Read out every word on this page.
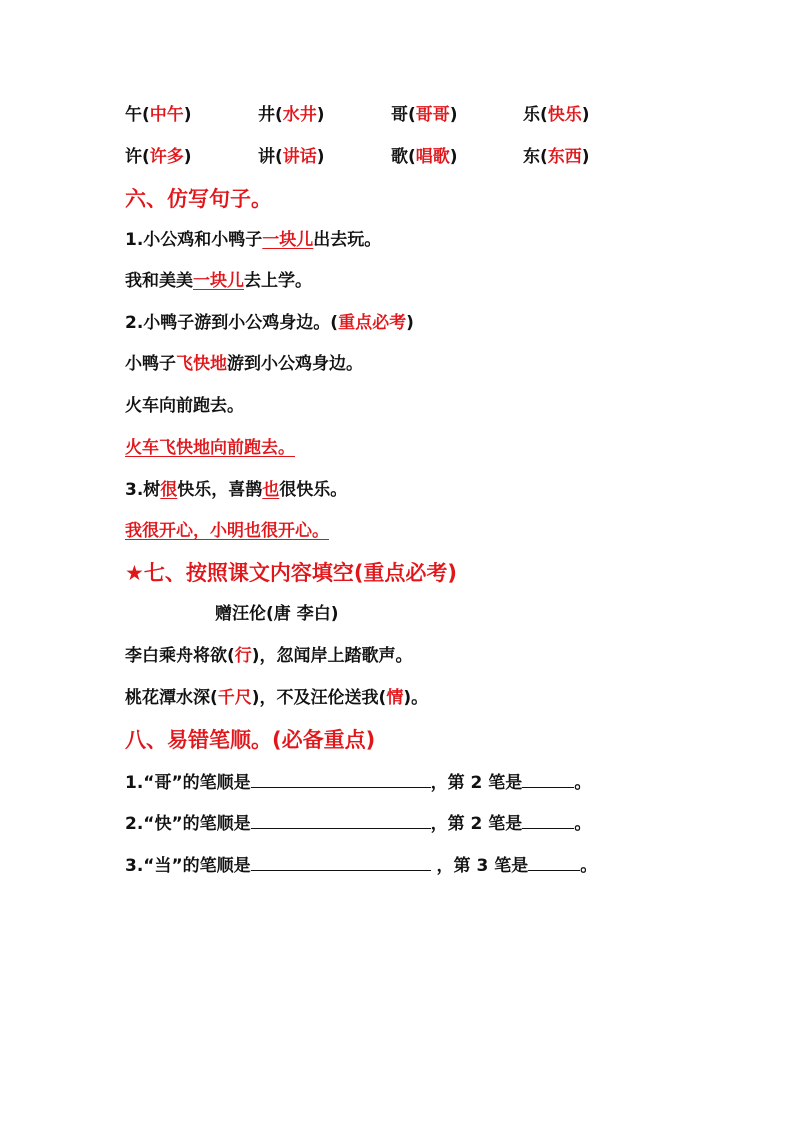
午(中午)	井(水井)	哥(哥哥)	乐(快乐)
许(许多)	讲(讲话)	歌(唱歌)	东(东西)
六、仿写句子。
1.小公鸡和小鸭子一块儿出去玩。
我和美美一块儿去上学。
2.小鸭子游到小公鸡身边。(重点必考)
小鸭子飞快地游到小公鸡身边。
火车向前跑去。
火车飞快地向前跑去。
3.树很快乐，喜鹊也很快乐。
我很开心，小明也很开心。
★七、按照课文内容填空(重点必考)
赠汪伦(唐 李白)
李白乘舟将欲(行)，忽闻岸上踏歌声。
桃花潭水深(千尺)，不及汪伦送我(情)。
八、易错笔顺。(必备重点)
1.“哥”的笔顺是	，第 2 笔是	。
2.“快”的笔顺是	，第 2 笔是	。
3.“当”的笔顺是	，第 3 笔是	。
